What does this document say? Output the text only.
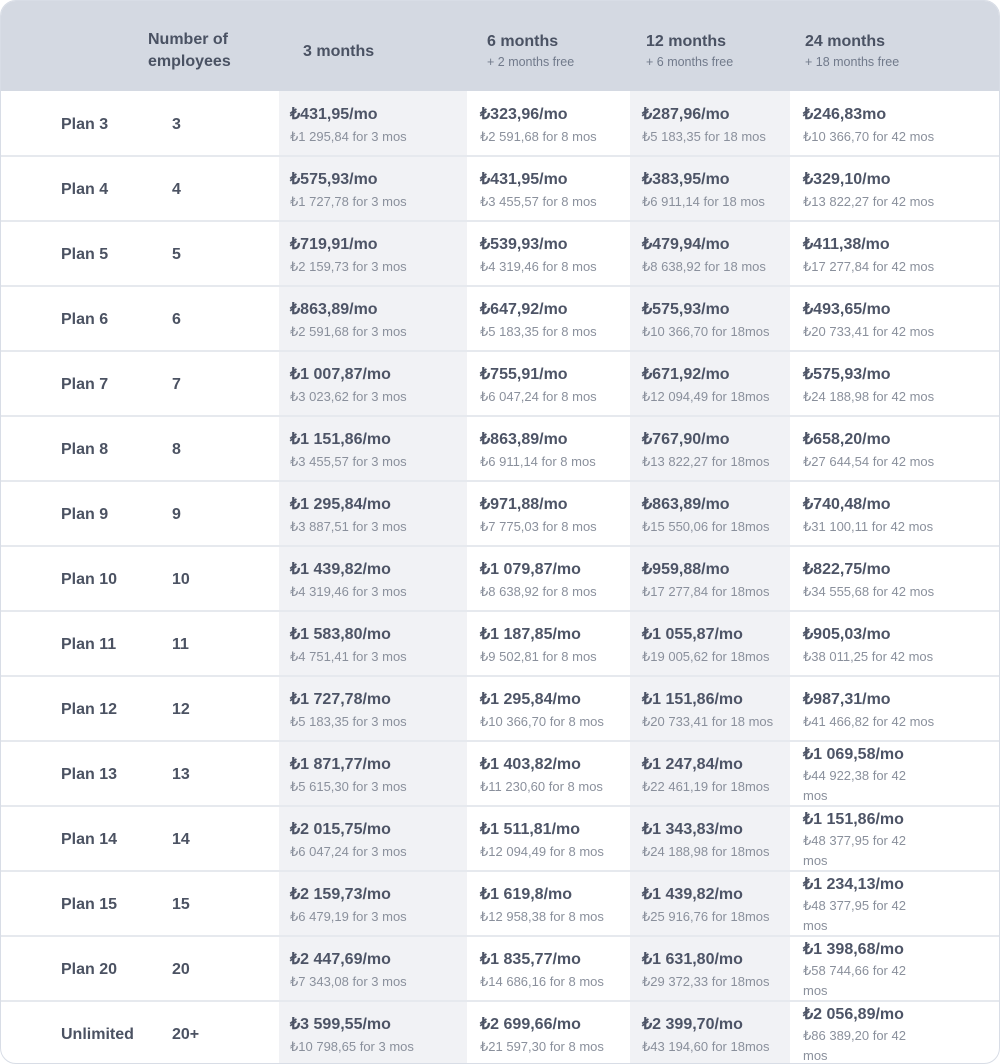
Number of
employees
3 months
6 months
+ 2 months free
12 months
+ 6 months free
24 months
+ 18 months free
Plan 3	3
₺431,95/mo
₺1 295,84 for 3 mos
₺323,96/mo
₺2 591,68 for 8 mos
₺287,96/mo
₺5 183,35 for 18 mos
₺246,83mo
₺10 366,70 for 42 mos
Plan 4	4
₺575,93/mo
₺1 727,78 for 3 mos
₺431,95/mo
₺3 455,57 for 8 mos
₺383,95/mo
₺6 911,14 for 18 mos
₺329,10/mo
₺13 822,27 for 42 mos
Plan 5	5
₺719,91/mo
₺2 159,73 for 3 mos
₺539,93/mo
₺4 319,46 for 8 mos
₺479,94/mo
₺8 638,92 for 18 mos
₺411,38/mo
₺17 277,84 for 42 mos
Plan 6	6
₺863,89/mo
₺2 591,68 for 3 mos
₺647,92/mo
₺5 183,35 for 8 mos
₺575,93/mo
₺10 366,70 for 18mos
₺493,65/mo
₺20 733,41 for 42 mos
Plan 7	7
₺1 007,87/mo
₺3 023,62 for 3 mos
₺755,91/mo
₺6 047,24 for 8 mos
₺671,92/mo
₺12 094,49 for 18mos
₺575,93/mo
₺24 188,98 for 42 mos
Plan 8	8
₺1 151,86/mo
₺3 455,57 for 3 mos
₺863,89/mo
₺6 911,14 for 8 mos
₺767,90/mo
₺13 822,27 for 18mos
₺658,20/mo
₺27 644,54 for 42 mos
Plan 9	9
₺1 295,84/mo
₺3 887,51 for 3 mos
₺971,88/mo
₺7 775,03 for 8 mos
₺863,89/mo
₺15 550,06 for 18mos
₺740,48/mo
₺31 100,11 for 42 mos
Plan 10	10
₺1 439,82/mo
₺4 319,46 for 3 mos
₺1 079,87/mo
₺8 638,92 for 8 mos
₺959,88/mo
₺17 277,84 for 18mos
₺822,75/mo
₺34 555,68 for 42 mos
Plan 11	11
₺1 583,80/mo
₺4 751,41 for 3 mos
₺1 187,85/mo
₺9 502,81 for 8 mos
₺1 055,87/mo
₺19 005,62 for 18mos
₺905,03/mo
₺38 011,25 for 42 mos
Plan 12	12
₺1 727,78/mo
₺5 183,35 for 3 mos
₺1 295,84/mo
₺10 366,70 for 8 mos
₺1 151,86/mo
₺20 733,41 for 18 mos
₺987,31/mo
₺41 466,82 for 42 mos
Plan 13	13
₺1 871,77/mo
₺5 615,30 for 3 mos
₺1 403,82/mo
₺11 230,60 for 8 mos
₺1 247,84/mo
₺22 461,19 for 18mos
₺1 069,58/mo
₺44 922,38 for 42 mos
Plan 14	14
₺2 015,75/mo
₺6 047,24 for 3 mos
₺1 511,81/mo
₺12 094,49 for 8 mos
₺1 343,83/mo
₺24 188,98 for 18mos
₺1 151,86/mo
₺48 377,95 for 42 mos
Plan 15	15
₺2 159,73/mo
₺6 479,19 for 3 mos
₺1 619,8/mo
₺12 958,38 for 8 mos
₺1 439,82/mo
₺25 916,76 for 18mos
₺1 234,13/mo
₺48 377,95 for 42 mos
Plan 20	20
₺2 447,69/mo
₺7 343,08 for 3 mos
₺1 835,77/mo
₺14 686,16 for 8 mos
₺1 631,80/mo
₺29 372,33 for 18mos
₺1 398,68/mo
₺58 744,66 for 42 mos
Unlimited 20+
₺3 599,55/mo
₺10 798,65 for 3 mos
₺2 699,66/mo
₺21 597,30 for 8 mos
₺2 399,70/mo
₺43 194,60 for 18mos
₺2 056,89/mo
₺86 389,20 for 42 mos
